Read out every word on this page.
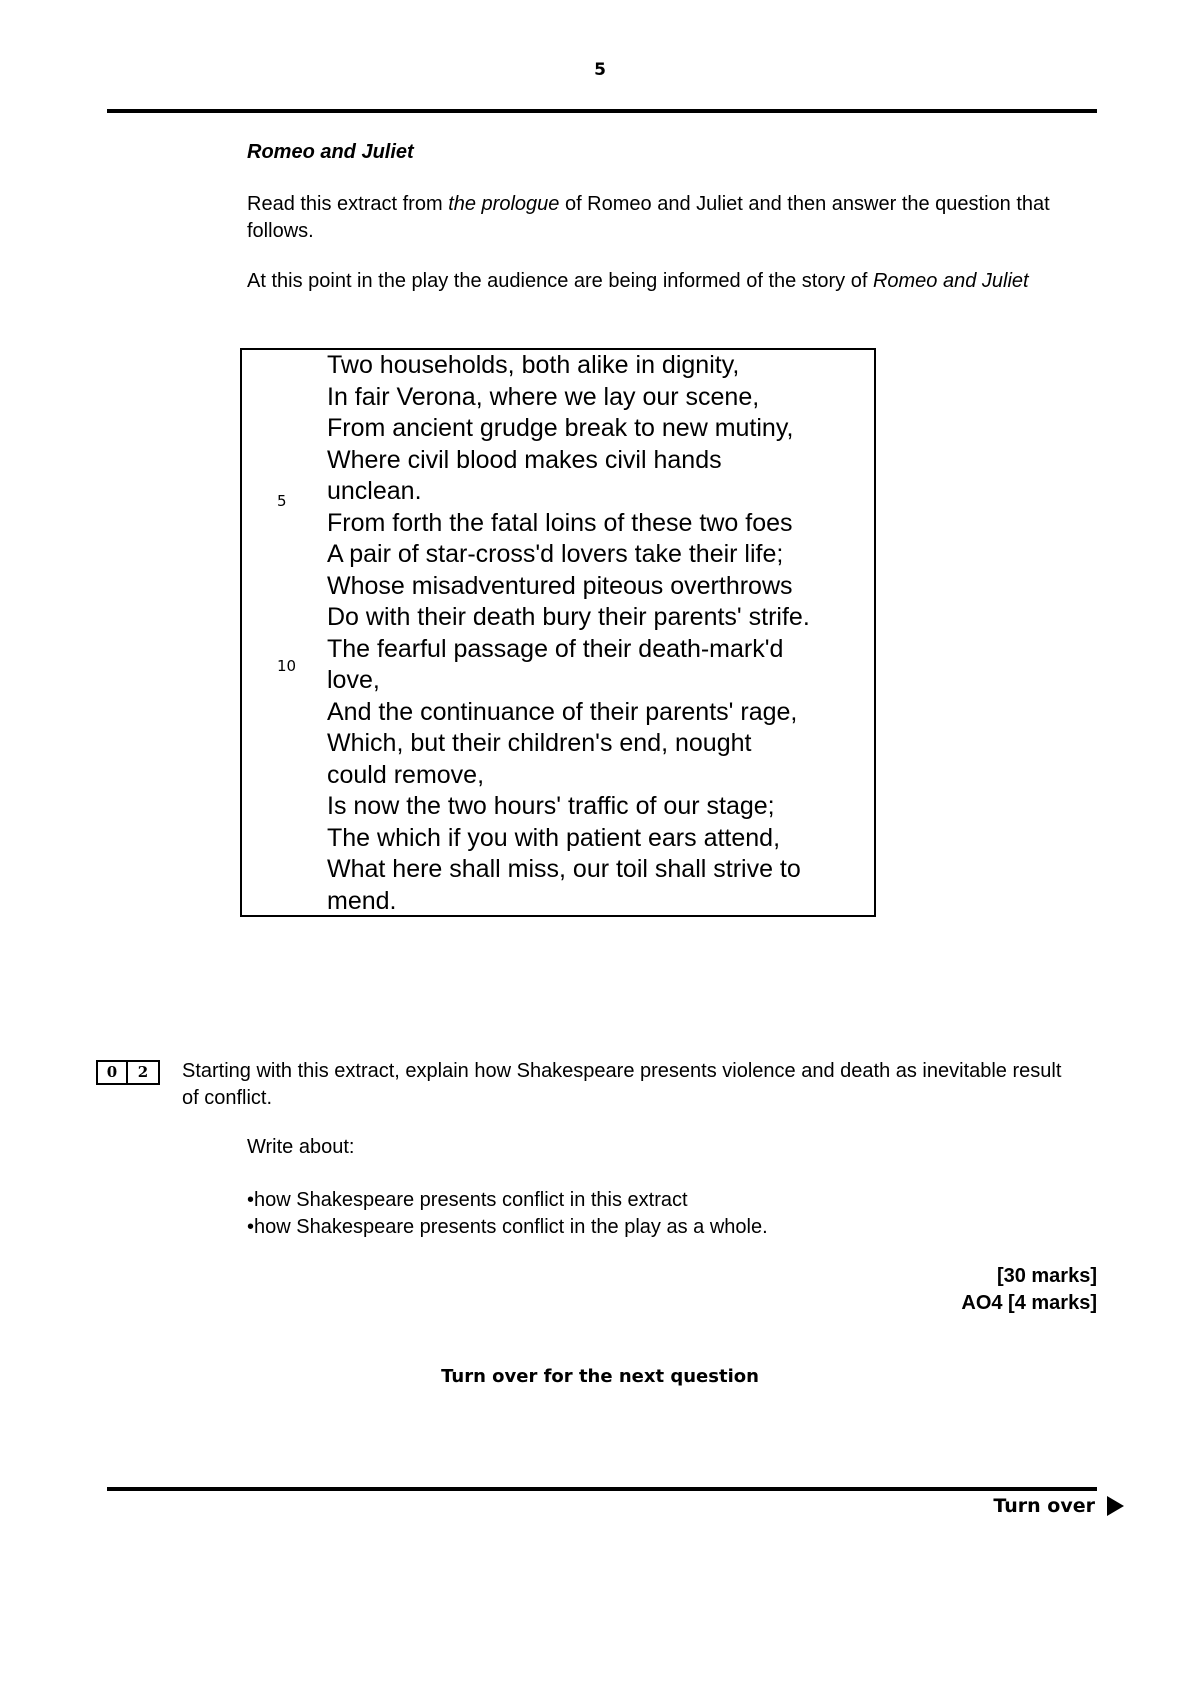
5
Romeo and Juliet
Read this extract from the prologue of Romeo and Juliet and then answer the question that follows.
At this point in the play the audience are being informed of the story of Romeo and Juliet
5
10
Two households, both alike in dignity,
In fair Verona, where we lay our scene,
From ancient grudge break to new mutiny,
Where civil blood makes civil hands
unclean.
From forth the fatal loins of these two foes
A pair of star-cross'd lovers take their life;
Whose misadventured piteous overthrows
Do with their death bury their parents' strife.
The fearful passage of their death-mark'd
love,
And the continuance of their parents' rage,
Which, but their children's end, nought
could remove,
Is now the two hours' traffic of our stage;
The which if you with patient ears attend,
What here shall miss, our toil shall strive to
mend.
0	2	Starting with this extract, explain how Shakespeare presents violence and death as inevitable result of conflict.
Write about:
• how Shakespeare presents conflict in this extract
• how Shakespeare presents conflict in the play as a whole.
[30 marks]
AO4 [4 marks]
Turn over for the next question
Turn over
